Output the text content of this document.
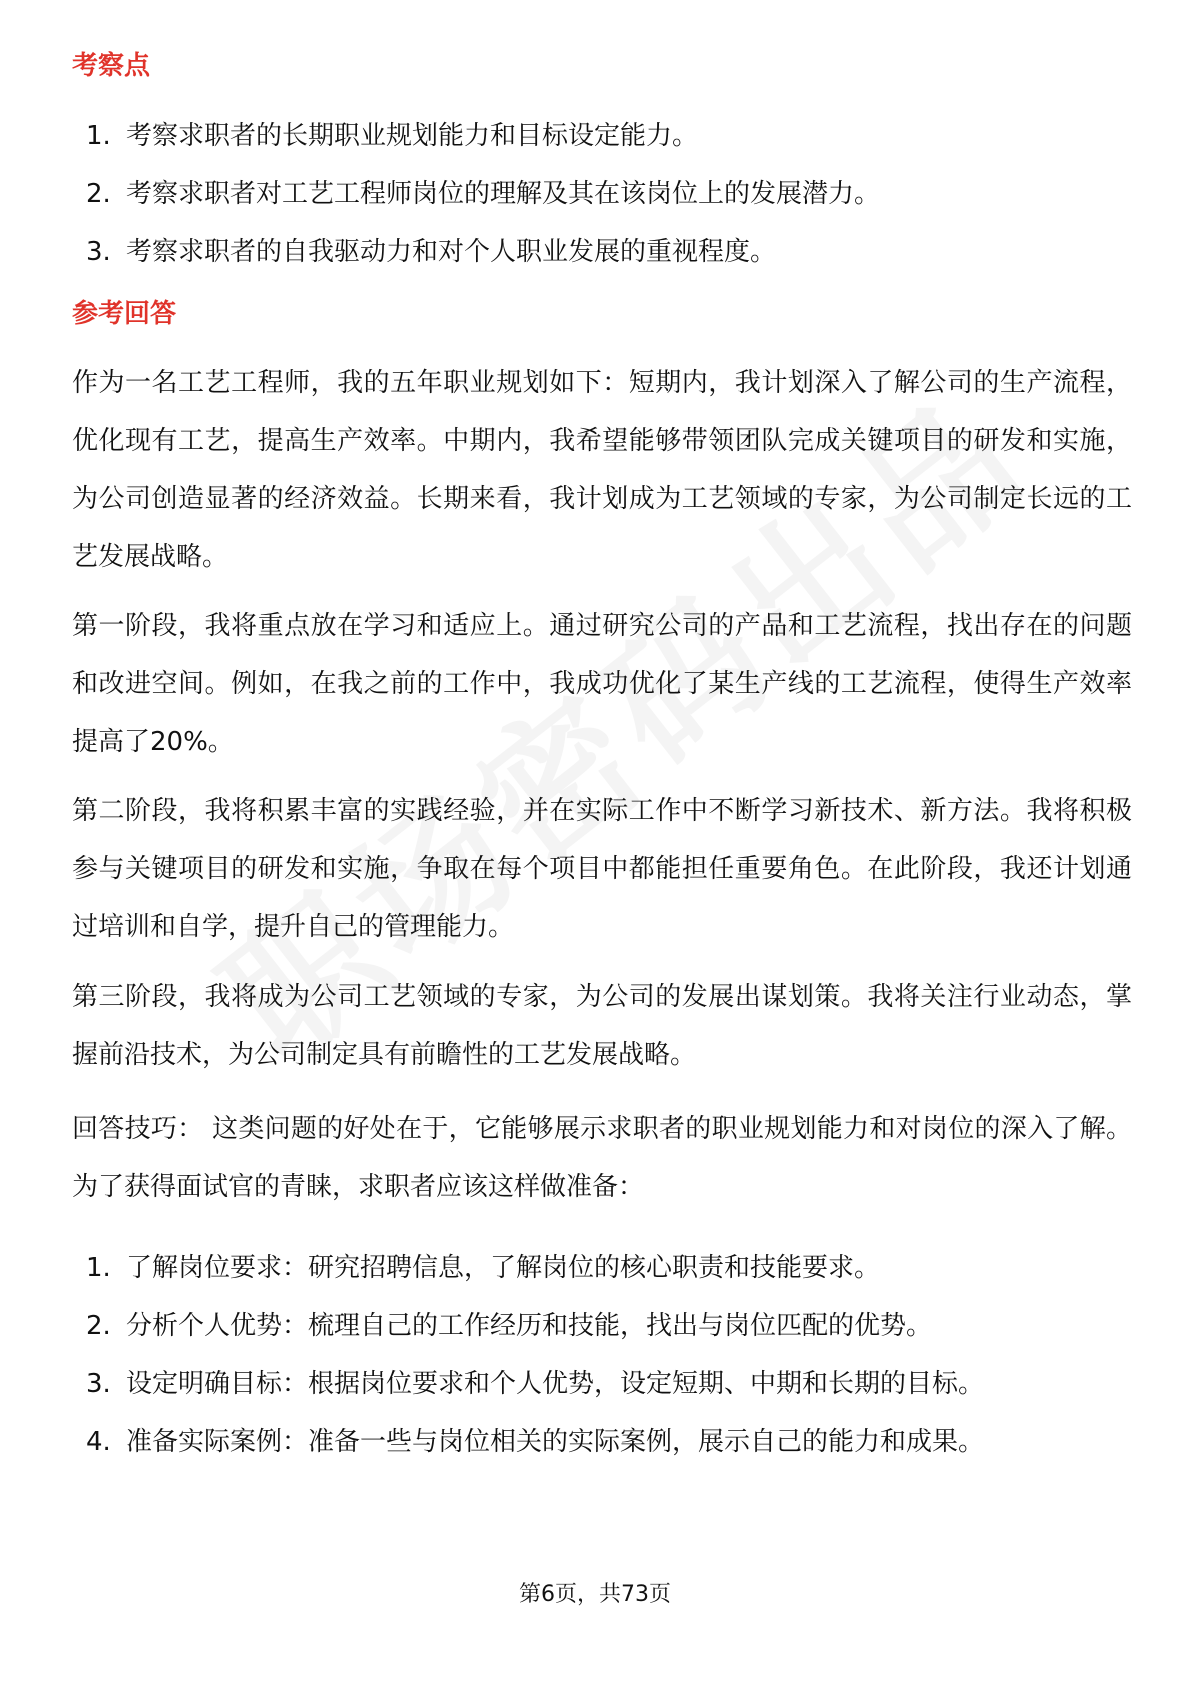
考察点
1. 考察求职者的长期职业规划能力和目标设定能力。
2. 考察求职者对工艺工程师岗位的理解及其在该岗位上的发展潜力。
3. 考察求职者的自我驱动力和对个人职业发展的重视程度。
参考回答

作为一名工艺工程师，我的五年职业规划如下：短期内，我计划深入了解公司的生产流程，优化现有工艺，提高生产效率。中期内，我希望能够带领团队完成关键项目的研发和实施，为公司创造显著的经济效益。长期来看，我计划成为工艺领域的专家，为公司制定长远的工艺发展战略。

第一阶段，我将重点放在学习和适应上。通过研究公司的产品和工艺流程，找出存在的问题和改进空间。例如，在我之前的工作中，我成功优化了某生产线的工艺流程，使得生产效率提高了20%。

第二阶段，我将积累丰富的实践经验，并在实际工作中不断学习新技术、新方法。我将积极参与关键项目的研发和实施，争取在每个项目中都能担任重要角色。在此阶段，我还计划通过培训和自学，提升自己的管理能力。

第三阶段，我将成为公司工艺领域的专家，为公司的发展出谋划策。我将关注行业动态，掌握前沿技术，为公司制定具有前瞻性的工艺发展战略。

回答技巧： 这类问题的好处在于，它能够展示求职者的职业规划能力和对岗位的深入了解。为了获得面试官的青睐，求职者应该这样做准备：

1. 了解岗位要求：研究招聘信息，了解岗位的核心职责和技能要求。
2. 分析个人优势：梳理自己的工作经历和技能，找出与岗位匹配的优势。
3. 设定明确目标：根据岗位要求和个人优势，设定短期、中期和长期的目标。
4. 准备实际案例：准备一些与岗位相关的实际案例，展示自己的能力和成果。
第6页，共73页
